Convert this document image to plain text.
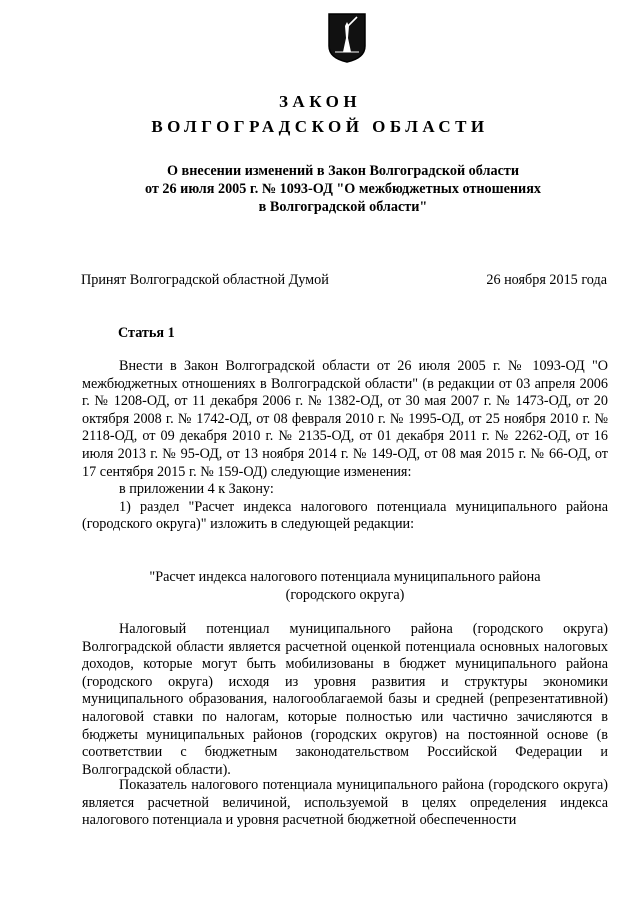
ЗАКОН
ВОЛГОГРАДСКОЙ ОБЛАСТИ
О внесении изменений в Закон Волгоградской области
от 26 июля 2005 г. № 1093-ОД "О межбюджетных отношениях
в Волгоградской области"
Принят Волгоградской областной Думой	26 ноября 2015 года
Статья 1

Внести в Закон Волгоградской области от 26 июля 2005 г. № 1093-ОД "О межбюджетных отношениях в Волгоградской области" (в редакции от 03 апреля 2006 г. № 1208-ОД, от 11 декабря 2006 г. № 1382-ОД, от 30 мая 2007 г. № 1473-ОД, от 20 октября 2008 г. № 1742-ОД, от 08 февраля 2010 г. № 1995-ОД, от 25 ноября 2010 г. № 2118-ОД, от 09 декабря 2010 г. № 2135-ОД, от 01 декабря 2011 г. № 2262-ОД, от 16 июля 2013 г. № 95-ОД, от 13 ноября 2014 г. № 149-ОД, от 08 мая 2015 г. № 66-ОД, от 17 сентября 2015 г. № 159-ОД) следующие изменения:

в приложении 4 к Закону:

1) раздел "Расчет индекса налогового потенциала муниципального района (городского округа)" изложить в следующей редакции:

"Расчет индекса налогового потенциала муниципального района
(городского округа)

Налоговый потенциал муниципального района (городского округа) Волгоградской области является расчетной оценкой потенциала основных налоговых доходов, которые могут быть мобилизованы в бюджет муниципального района (городского округа) исходя из уровня развития и структуры экономики муниципального образования, налогооблагаемой базы и средней (репрезентативной) налоговой ставки по налогам, которые полностью или частично зачисляются в бюджеты муниципальных районов (городских округов) на постоянной основе (в соответствии с бюджетным законодательством Российской Федерации и Волгоградской области).

Показатель налогового потенциала муниципального района (городского округа) является расчетной величиной, используемой в целях определения индекса налогового потенциала и уровня расчетной бюджетной обеспеченности
